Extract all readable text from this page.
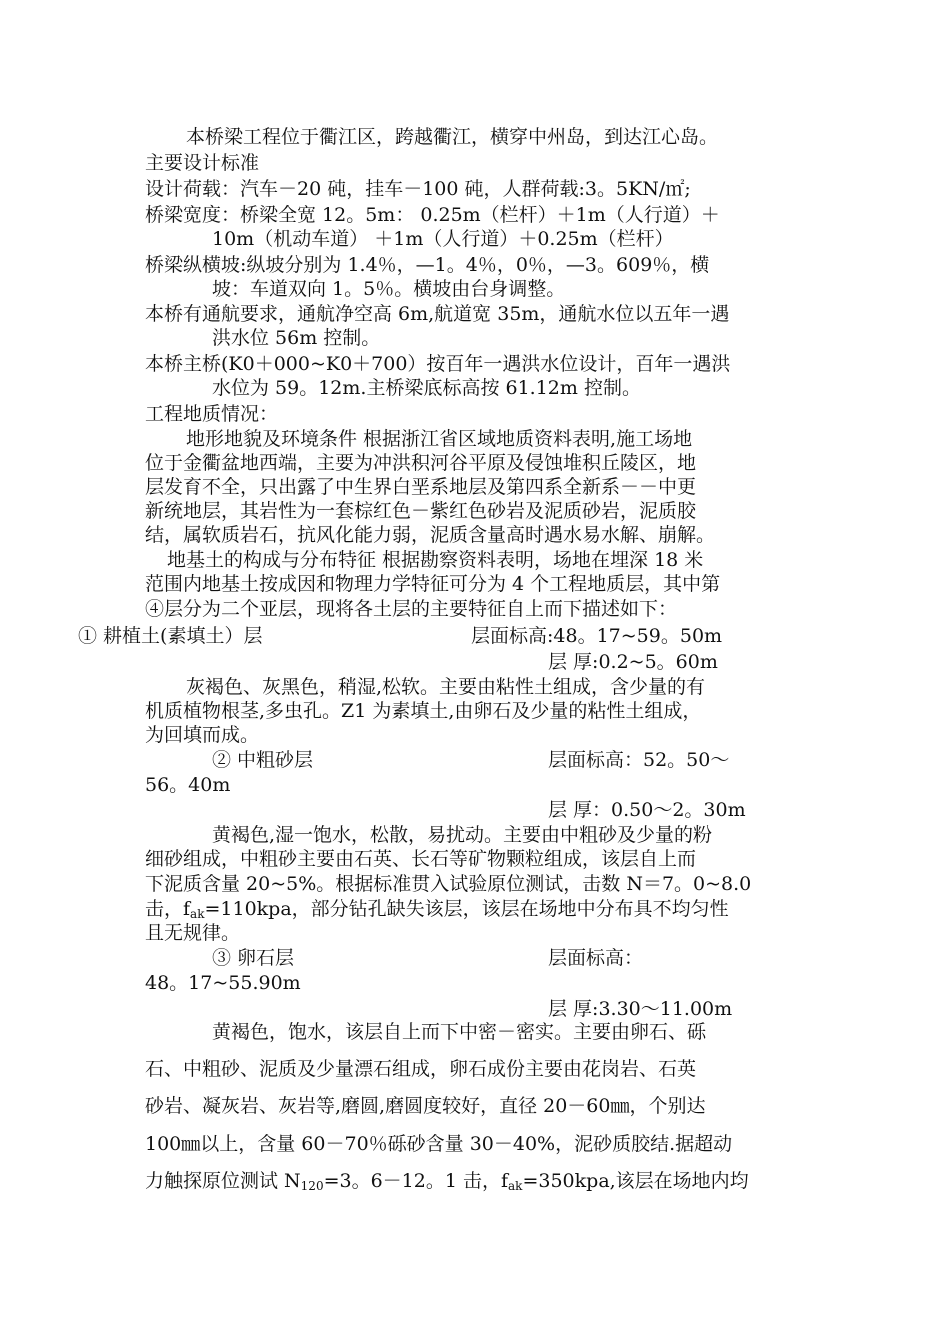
本桥梁工程位于衢江区，跨越衢江，横穿中州岛，到达江心岛。

主要设计标准

设计荷载：汽车－20 砘，挂车－100 砘，人群荷载:3。5KN/㎡;

桥梁宽度：桥梁全宽 12。5m： 0.25m（栏杆）＋1m（人行道）＋

10m（机动车道） ＋1m（人行道）＋0.25m（栏杆）

桥梁纵横坡:纵坡分别为 1.4％，—1。4％，0％，—3。609％，横

坡：车道双向 1。5％。横坡由台身调整。

本桥有通航要求，通航净空高 6m,航道宽 35m，通航水位以五年一遇

洪水位 56m 控制。

本桥主桥(K0＋000~K0＋700）按百年一遇洪水位设计，百年一遇洪

水位为 59。12m.主桥梁底标高按 61.12m 控制。

工程地质情况：

地形地貌及环境条件 根据浙江省区域地质资料表明,施工场地

位于金衢盆地西端，主要为冲洪积河谷平原及侵蚀堆积丘陵区，地

层发育不全，只出露了中生界白垩系地层及第四系全新系－－中更

新统地层，其岩性为一套棕红色－紫红色砂岩及泥质砂岩，泥质胶

结，属软质岩石，抗风化能力弱，泥质含量高时遇水易水解、崩解。

地基土的构成与分布特征 根据勘察资料表明，场地在埋深 18 米

范围内地基土按成因和物理力学特征可分为 4 个工程地质层，其中第

④层分为二个亚层，现将各土层的主要特征自上而下描述如下：

① 耕植土(素填土）层	层面标高:48。17~59。50m

层 厚:0.2~5。60m

灰褐色、灰黑色，稍湿,松软。主要由粘性土组成，含少量的有

机质植物根茎,多虫孔。Z1 为素填土,由卵石及少量的粘性土组成，

为回填而成。

② 中粗砂层	层面标高：52。50～

56。40m

层 厚：0.50～2。30m

黄褐色,湿一饱水，松散，易扰动。主要由中粗砂及少量的粉

细砂组成，中粗砂主要由石英、长石等矿物颗粒组成，该层自上而

下泥质含量 20~5%。根据标准贯入试验原位测试，击数 N＝7。0~8.0

击，$f_{ak}=110kpa$，部分钻孔缺失该层，该层在场地中分布具不均匀性

且无规律。

③ 卵石层	层面标高：

48。17~55.90m

层 厚:3.30～11.00m

黄褐色，饱水，该层自上而下中密－密实。主要由卵石、砾

石、中粗砂、泥质及少量漂石组成，卵石成份主要由花岗岩、石英

砂岩、凝灰岩、灰岩等,磨圆,磨圆度较好，直径 20－60㎜，个别达

100㎜以上，含量 60－70％砾砂含量 30－40%，泥砂质胶结.据超动

力触探原位测试 $N_{120}=3$。6－12。1 击，$f_{ak}=350kpa$,该层在场地内均
